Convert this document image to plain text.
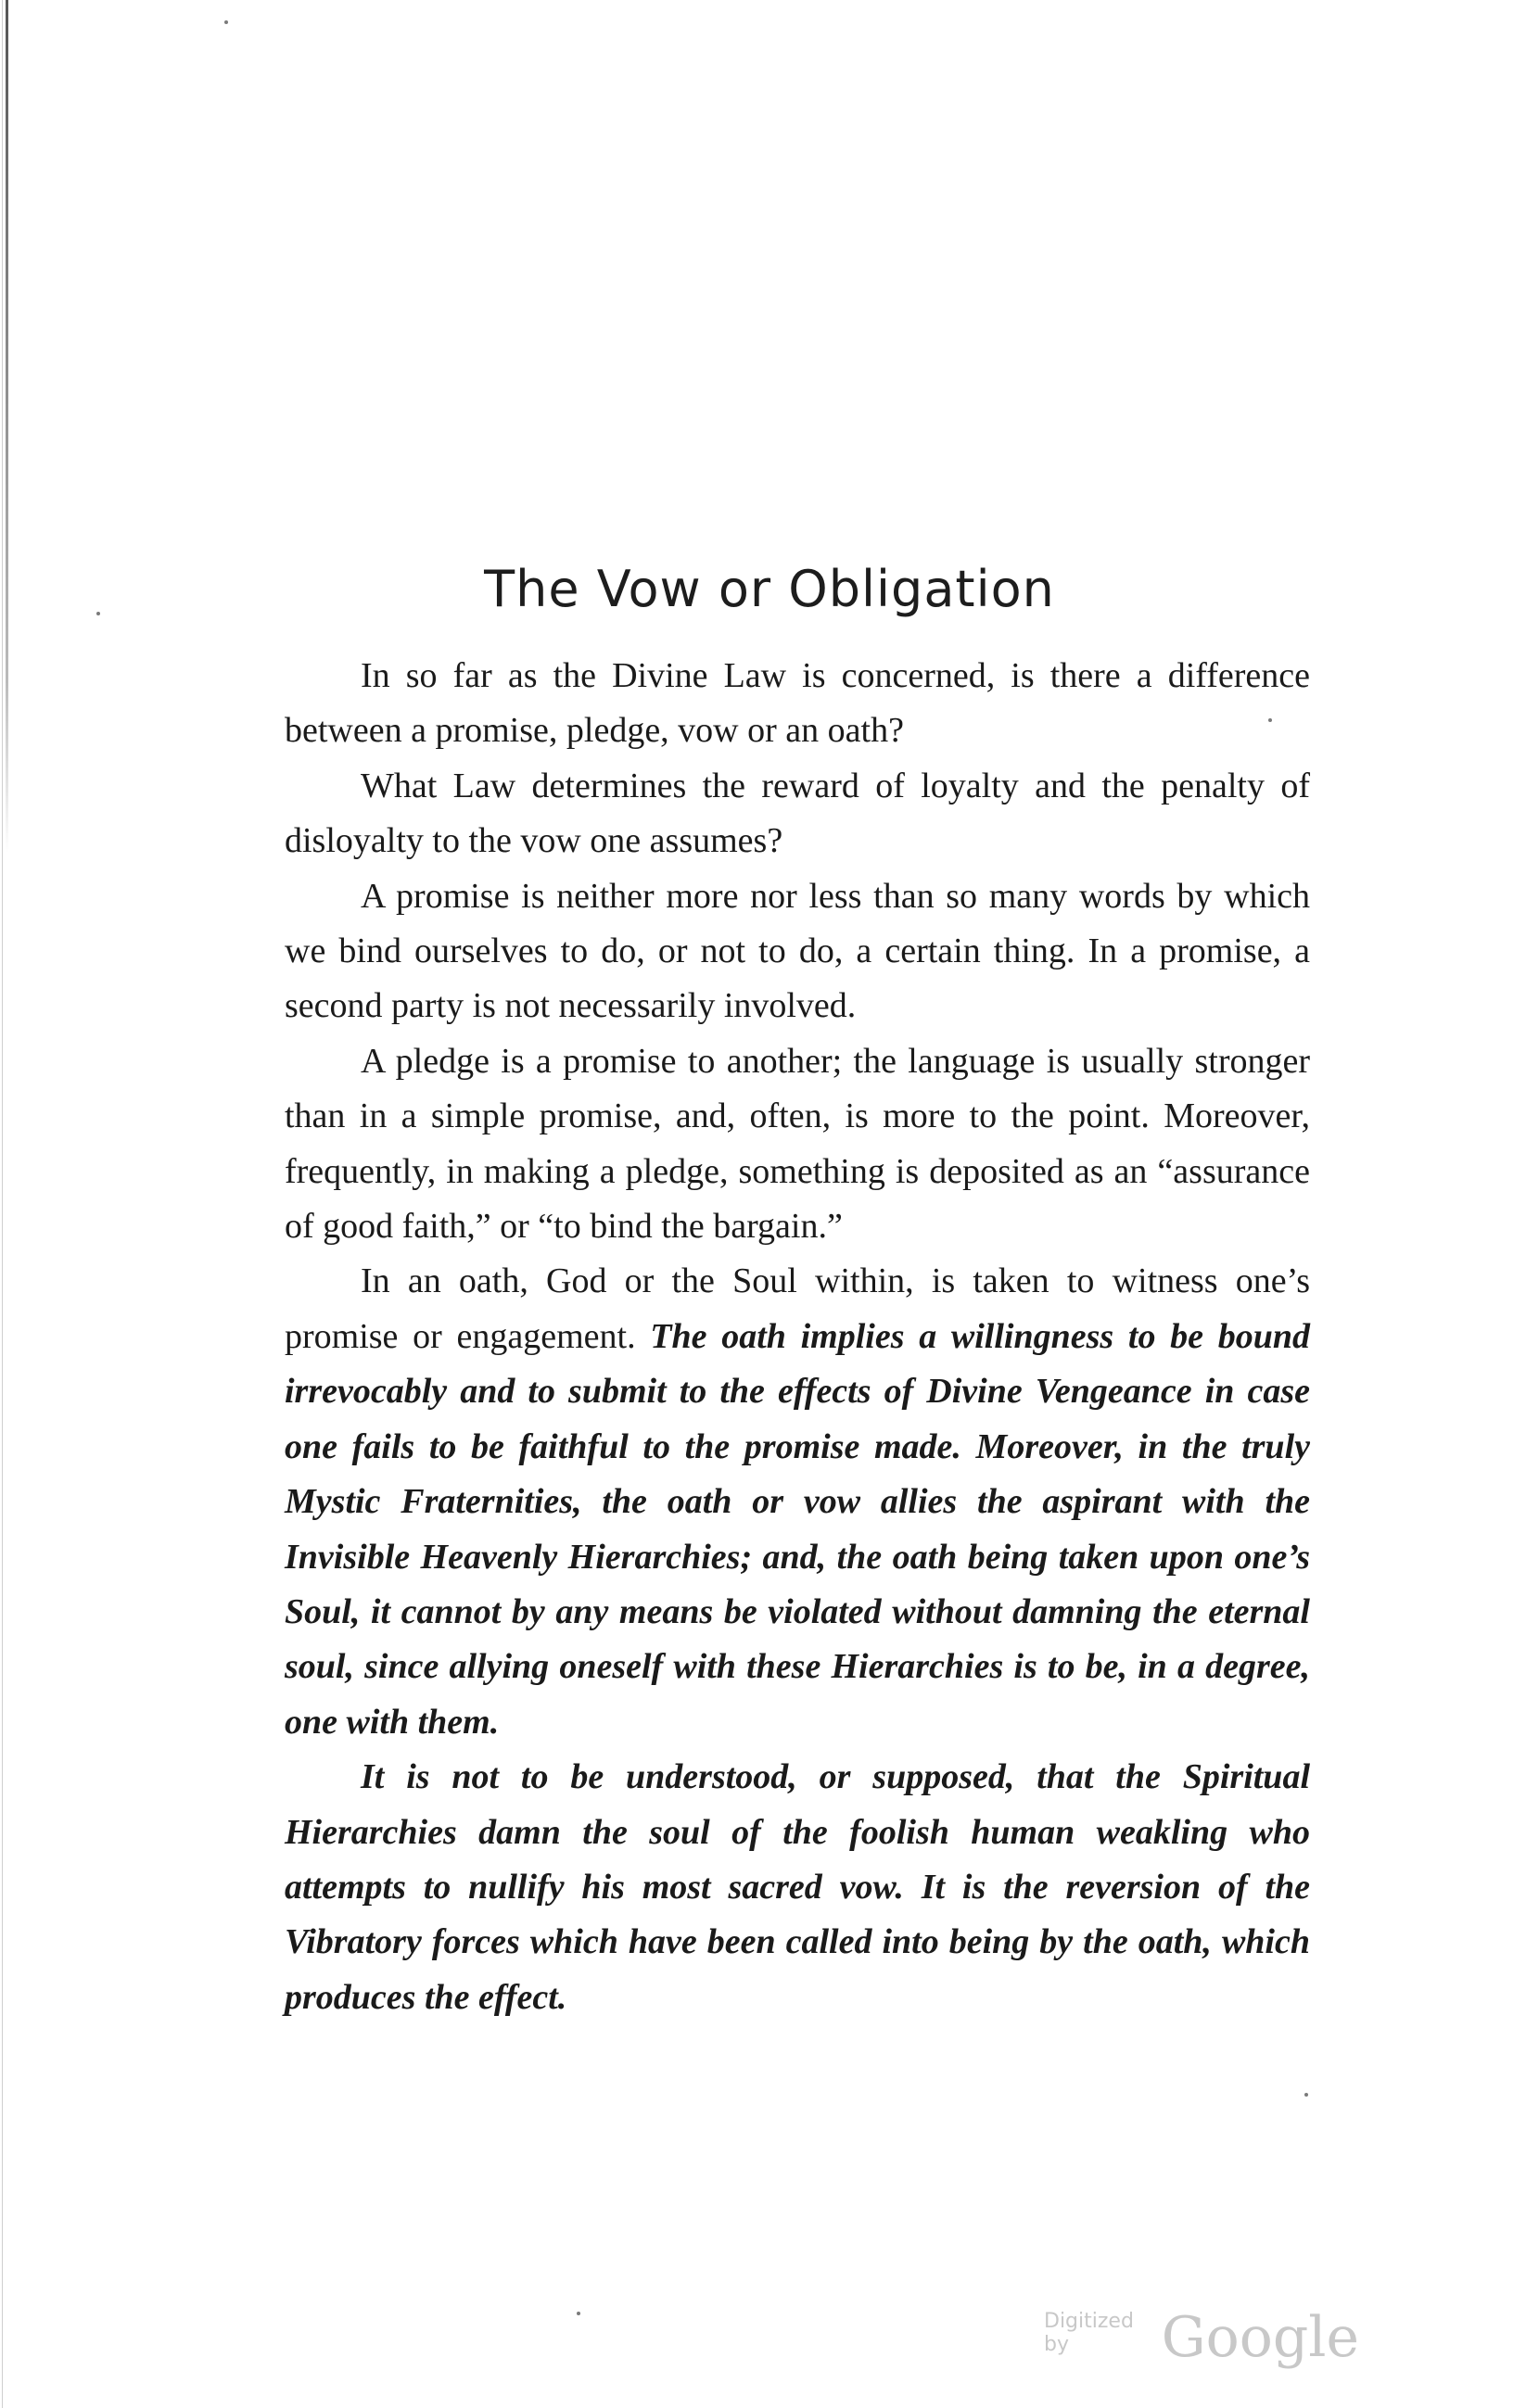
The Vow or Obligation

In so far as the Divine Law is concerned, is there a difference between a promise, pledge, vow or an oath?

What Law determines the reward of loyalty and the penalty of disloyalty to the vow one assumes?

A promise is neither more nor less than so many words by which we bind ourselves to do, or not to do, a certain thing. In a promise, a second party is not necessarily involved.

A pledge is a promise to another; the language is usually stronger than in a simple promise, and, often, is more to the point. Moreover, frequently, in making a pledge, something is deposited as an “assurance of good faith,” or “to bind the bargain.”

In an oath, God or the Soul within, is taken to witness one’s promise or engagement. The oath implies a willingness to be bound irrevocably and to submit to the effects of Divine Vengeance in case one fails to be faithful to the promise made. Moreover, in the truly Mystic Fraternities, the oath or vow allies the aspirant with the Invisible Heavenly Hierarchies; and, the oath being taken upon one’s Soul, it cannot by any means be violated without damning the eternal soul, since allying oneself with these Hierarchies is to be, in a degree, one with them.

It is not to be understood, or supposed, that the Spiritual Hierarchies damn the soul of the foolish human weakling who attempts to nullify his most sacred vow. It is the reversion of the Vibratory forces which have been called into being by the oath, which produces the effect.

Digitized by	Google
